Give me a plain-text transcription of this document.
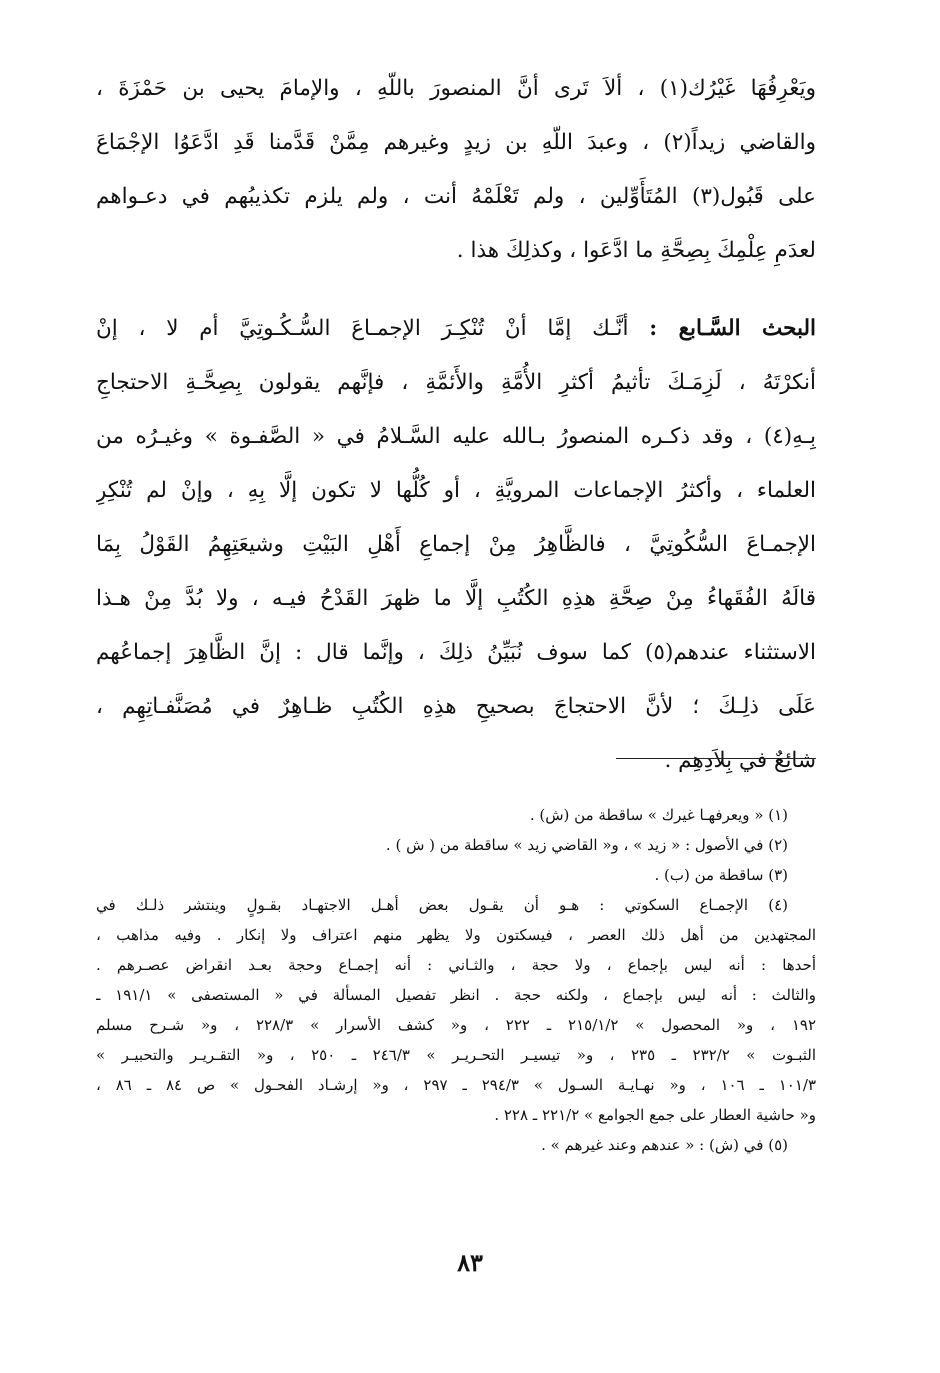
ويَعْرِفُهَا غَيْرُك(١) ، ألاَ تَرى أنَّ المنصورَ باللّهِ ، والإمامَ يحيى بن حَمْزَةَ ،
والقاضي زيداً(٢) ، وعبدَ اللّهِ بن زيدٍ وغيرهم مِمَّنْ قَدَّمنا قَدِ ادَّعَوُا الإجْمَاعَ
على قَبُول(٣) المُتَأَوِّلين ، ولم تَعْلَمْهُ أنت ، ولم يلزم تكذيبُهم في دعـواهم
لعدَمِ عِلْمِكَ بِصِحَّةِ ما ادَّعَوا ، وكذلِكَ هذا .
البحث السَّـابع : أنَّـك إمَّا أنْ تُنْكِـرَ الإجمـاعَ السُّـكُـوتِيَّ أم لا ، إنْ
أنكرْتَهُ ، لَزِمَـكَ تأثيمُ أكثرِ الأُمَّةِ والأَئمَّةِ ، فإنَّهم يقولون بِصِحَّـةِ الاحتجاجِ
بِـهِ(٤) ، وقد ذكـره المنصورُ بـالله عليه السَّـلامُ في « الصَّفـوة » وغيـرُه من
العلماء ، وأكثرُ الإجماعات المرويَّةِ ، أو كُلُّها لا تكون إلَّا بِهِ ، وإنْ لم تُنْكِرِ
الإجمـاعَ السُّكُوتِيَّ ، فالظَّاهِرُ مِنْ إجماعِ أَهْلِ البَيْتِ وشيعَتِهِمُ القَوْلُ بِمَا
قالَهُ الفُقَهاءُ مِنْ صِحَّةِ هذِهِ الكُتُبِ إلَّا ما ظهرَ القَدْحُ فيـه ، ولا بُدَّ مِنْ هـذا
الاستثناء عندهم(٥) كما سوف نُبَيِّنُ ذلِكَ ، وإنَّما قال : إنَّ الظَّاهِرَ إجماعُهم
عَلَى ذلِـكَ ؛ لأنَّ الاحتجاجَ بصحيحِ هذِهِ الكُتُبِ ظـاهِرٌ في مُصَنَّفـاتِهِم ،
شائِعٌ في بِلاَدِهِم .
(١) « ويعرفهـا غيرك » ساقطة من (ش) .
(٢) في الأصول : « زيد » ، و« القاضي زيد » ساقطة من ( ش ) .
(٣) ساقطة من (ب) .
(٤) الإجمـاع السكوتي : هـو أن يقـول بعض أهـل الاجتهـاد بقـولٍ وينتشر ذلـك في
المجتهدين من أهل ذلك العصر ، فيسكتون ولا يظهر منهم اعتراف ولا إنكار . وفيه مذاهب ،
أحدها : أنه ليس بإجماع ، ولا حجة ، والثـاني : أنه إجمـاع وحجة بعـد انقراض عصـرهم .
والثالث : أنه ليس بإجماع ، ولكنه حجة . انظر تفصيل المسألة في « المستصفى » ١٩١/١ ـ
١٩٢ ، و« المحصول » ٢١٥/١/٢ ـ ٢٢٢ ، و« كشف الأسرار » ٢٢٨/٣ ، و« شـرح مسلم
الثبـوت » ٢٣٢/٢ ـ ٢٣٥ ، و« تيسيـر التحـريـر » ٢٤٦/٣ ـ ٢٥٠ ، و« التقـريـر والتحبيـر »
١٠١/٣ ـ ١٠٦ ، و« نهـايـة السـول » ٢٩٤/٣ ـ ٢٩٧ ، و« إرشـاد الفحـول » ص ٨٤ ـ ٨٦ ،
و« حاشية العطار على جمع الجوامع » ٢٢١/٢ ـ ٢٢٨ .
(٥) في (ش) : « عندهم وعند غيرهم » .
٨٣
